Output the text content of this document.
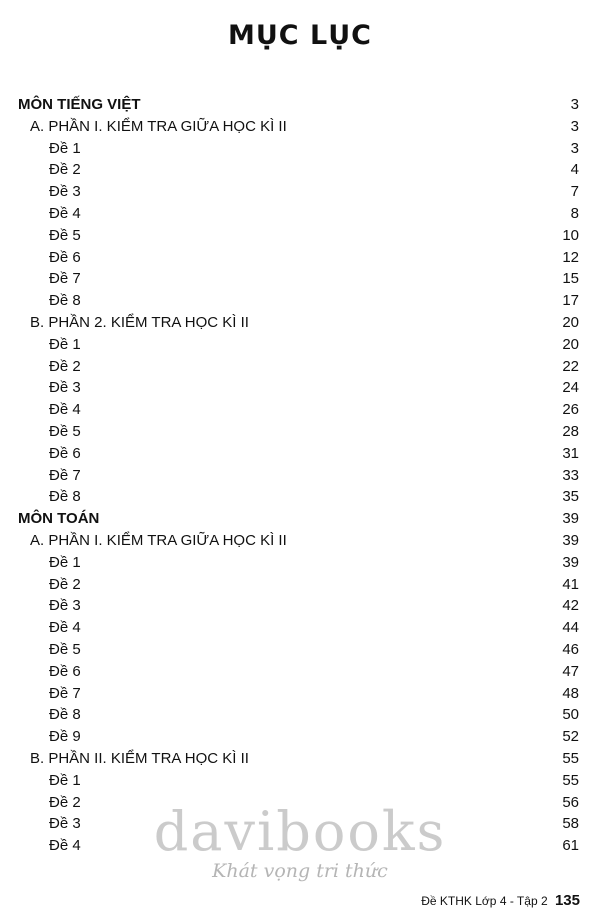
MỤC LỤC
MÔN TIẾNG VIỆT	3
A. PHẦN I. KIỂM TRA GIỮA HỌC KÌ II	3
Đề 1	3
Đề 2	4
Đề 3	7
Đề 4	8
Đề 5	10
Đề 6	12
Đề 7	15
Đề 8	17
B. PHẦN 2. KIỂM TRA HỌC KÌ II	20
Đề 1	20
Đề 2	22
Đề 3	24
Đề 4	26
Đề 5	28
Đề 6	31
Đề 7	33
Đề 8	35
MÔN TOÁN	39
A. PHẦN I. KIỂM TRA GIỮA HỌC KÌ II	39
Đề 1	39
Đề 2	41
Đề 3	42
Đề 4	44
Đề 5	46
Đề 6	47
Đề 7	48
Đề 8	50
Đề 9	52
B. PHẦN II. KIỂM TRA HỌC KÌ II	55
Đề 1	55
Đề 2	56
Đề 3	58
Đề 4	61
davibooks
Khát vọng tri thức
Đề KTHK Lớp 4 - Tập 2 135
